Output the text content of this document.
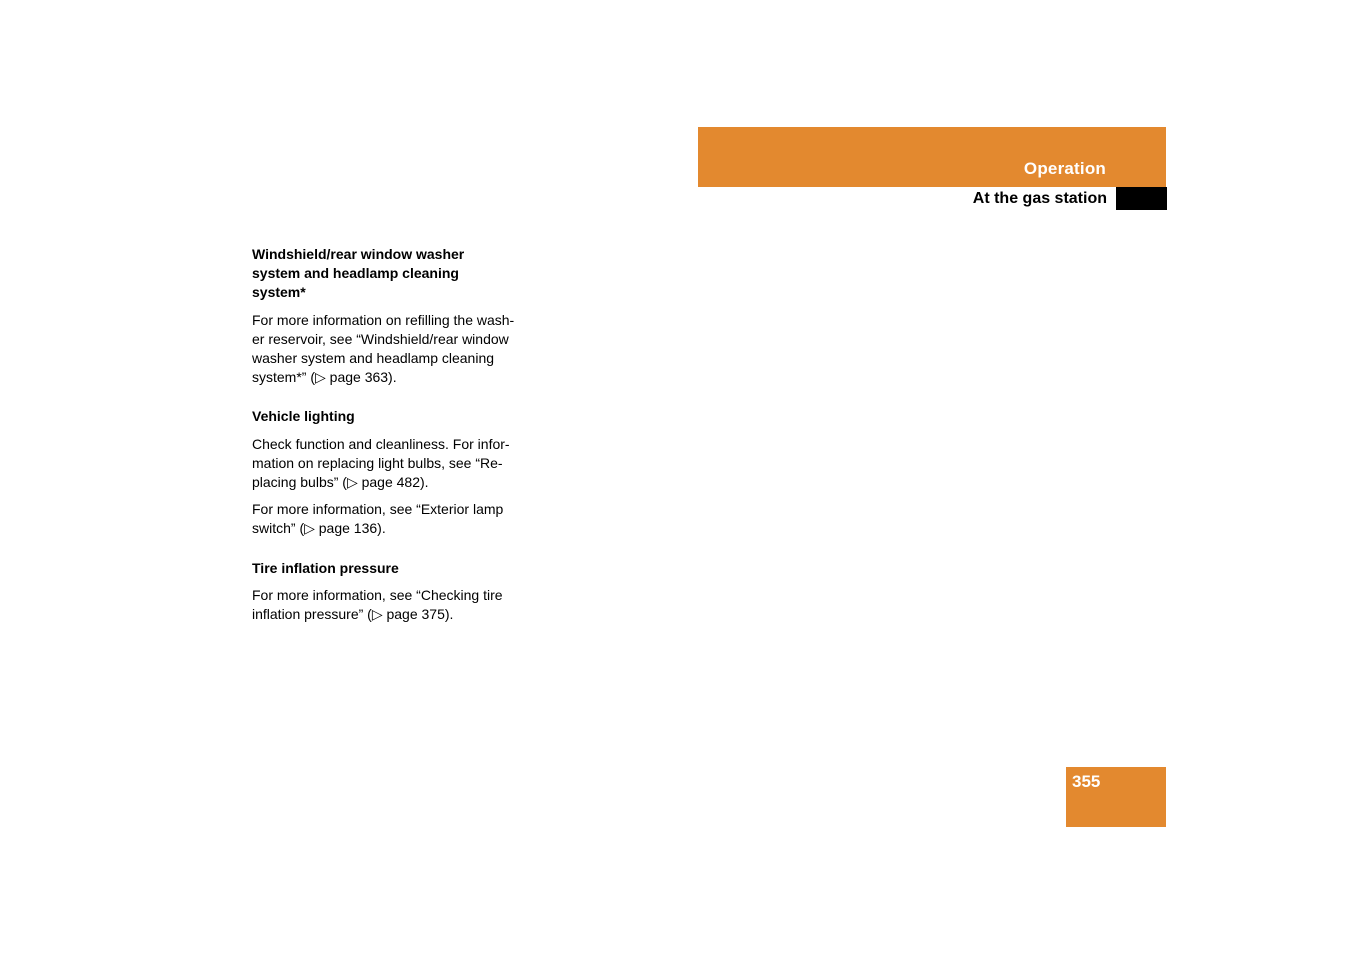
Operation
At the gas station
Windshield/rear window washer
system and headlamp cleaning
system*

For more information on refilling the wash-
er reservoir, see “Windshield/rear window
washer system and headlamp cleaning
system*” (▷ page 363).

Vehicle lighting

Check function and cleanliness. For infor-
mation on replacing light bulbs, see “Re-
placing bulbs” (▷ page 482).

For more information, see “Exterior lamp
switch” (▷ page 136).

Tire inflation pressure

For more information, see “Checking tire
inflation pressure” (▷ page 375).

355
